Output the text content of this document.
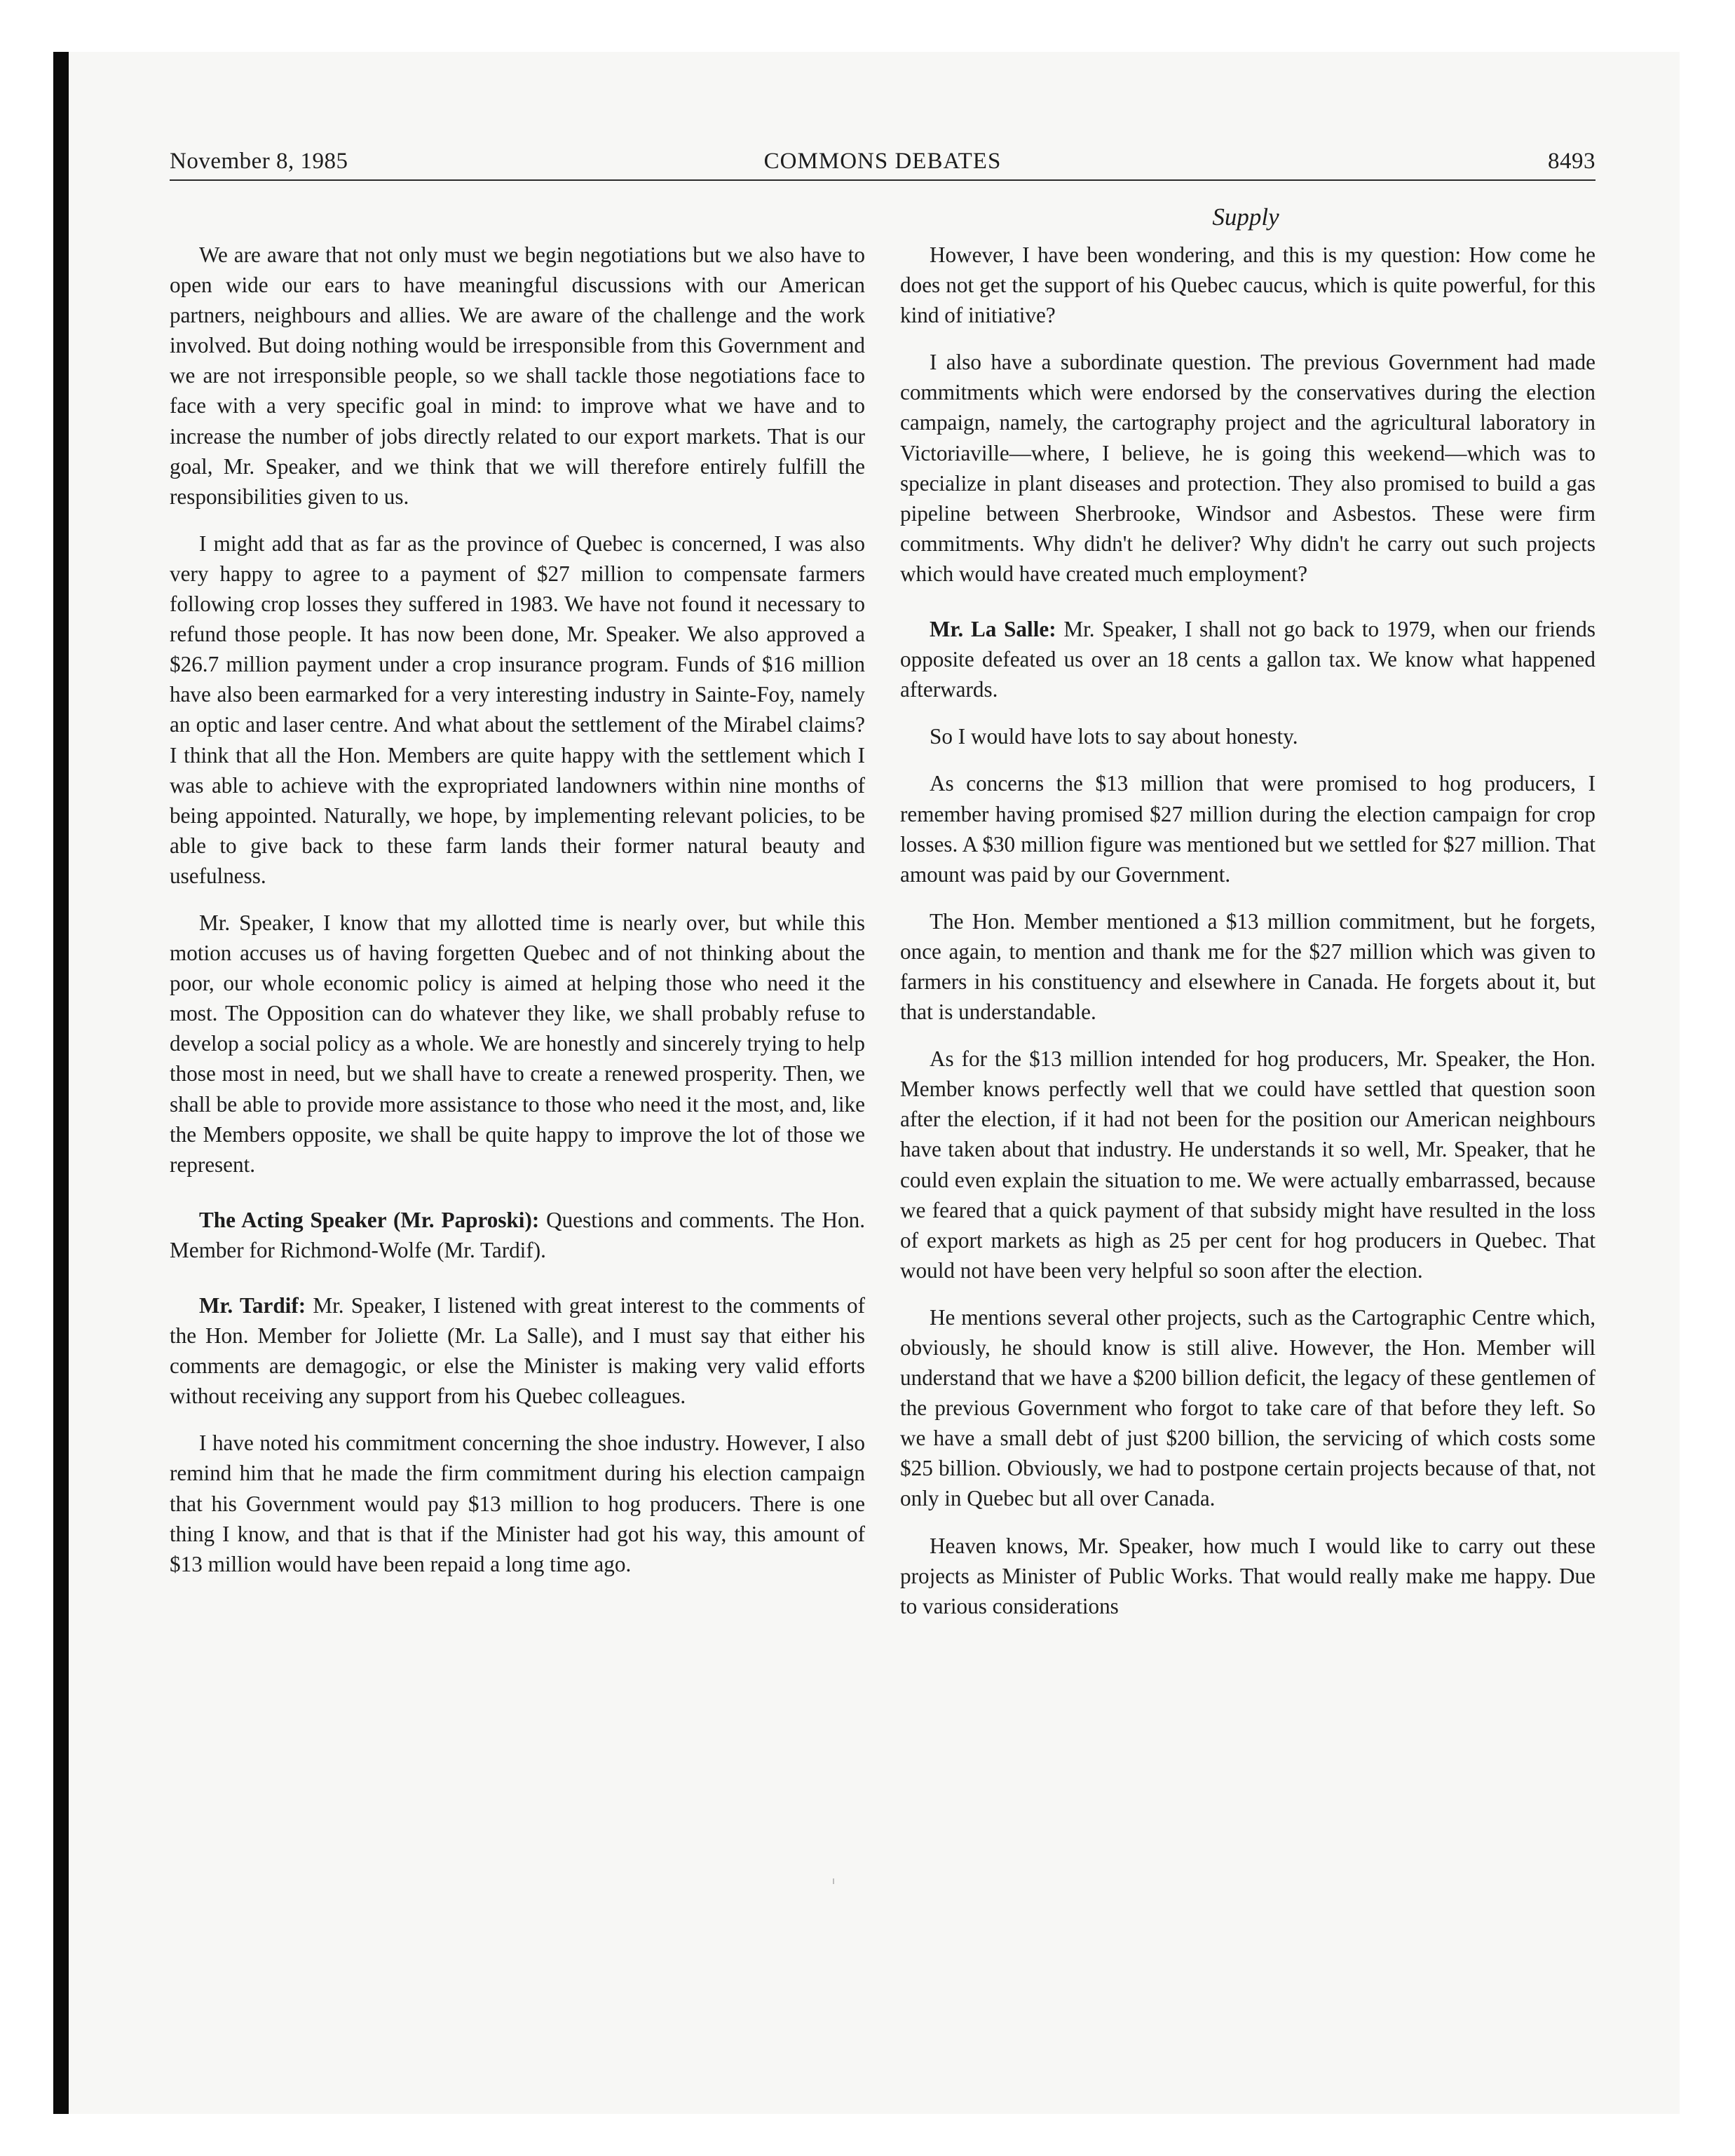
November 8, 1985	COMMONS DEBATES	8493
Supply

We are aware that not only must we begin negotiations but we also have to open wide our ears to have meaningful discussions with our American partners, neighbours and allies. We are aware of the challenge and the work involved. But doing nothing would be irresponsible from this Government and we are not irresponsible people, so we shall tackle those negotiations face to face with a very specific goal in mind: to improve what we have and to increase the number of jobs directly related to our export markets. That is our goal, Mr. Speaker, and we think that we will therefore entirely fulfill the responsibilities given to us.

I might add that as far as the province of Quebec is concerned, I was also very happy to agree to a payment of $27 million to compensate farmers following crop losses they suffered in 1983. We have not found it necessary to refund those people. It has now been done, Mr. Speaker. We also approved a $26.7 million payment under a crop insurance program. Funds of $16 million have also been earmarked for a very interesting industry in Sainte-Foy, namely an optic and laser centre. And what about the settlement of the Mirabel claims? I think that all the Hon. Members are quite happy with the settlement which I was able to achieve with the expropriated landowners within nine months of being appointed. Naturally, we hope, by implementing relevant policies, to be able to give back to these farm lands their former natural beauty and usefulness.

Mr. Speaker, I know that my allotted time is nearly over, but while this motion accuses us of having forgetten Quebec and of not thinking about the poor, our whole economic policy is aimed at helping those who need it the most. The Opposition can do whatever they like, we shall probably refuse to develop a social policy as a whole. We are honestly and sincerely trying to help those most in need, but we shall have to create a renewed prosperity. Then, we shall be able to provide more assistance to those who need it the most, and, like the Members opposite, we shall be quite happy to improve the lot of those we represent.

The Acting Speaker (Mr. Paproski): Questions and comments. The Hon. Member for Richmond-Wolfe (Mr. Tardif).

Mr. Tardif: Mr. Speaker, I listened with great interest to the comments of the Hon. Member for Joliette (Mr. La Salle), and I must say that either his comments are demagogic, or else the Minister is making very valid efforts without receiving any support from his Quebec colleagues.

I have noted his commitment concerning the shoe industry. However, I also remind him that he made the firm commitment during his election campaign that his Government would pay $13 million to hog producers. There is one thing I know, and that is that if the Minister had got his way, this amount of $13 million would have been repaid a long time ago.

However, I have been wondering, and this is my question: How come he does not get the support of his Quebec caucus, which is quite powerful, for this kind of initiative?

I also have a subordinate question. The previous Government had made commitments which were endorsed by the conservatives during the election campaign, namely, the cartography project and the agricultural laboratory in Victoriaville—where, I believe, he is going this weekend—which was to specialize in plant diseases and protection. They also promised to build a gas pipeline between Sherbrooke, Windsor and Asbestos. These were firm commitments. Why didn't he deliver? Why didn't he carry out such projects which would have created much employment?

Mr. La Salle: Mr. Speaker, I shall not go back to 1979, when our friends opposite defeated us over an 18 cents a gallon tax. We know what happened afterwards.

So I would have lots to say about honesty.

As concerns the $13 million that were promised to hog producers, I remember having promised $27 million during the election campaign for crop losses. A $30 million figure was mentioned but we settled for $27 million. That amount was paid by our Government.

The Hon. Member mentioned a $13 million commitment, but he forgets, once again, to mention and thank me for the $27 million which was given to farmers in his constituency and elsewhere in Canada. He forgets about it, but that is understandable.

As for the $13 million intended for hog producers, Mr. Speaker, the Hon. Member knows perfectly well that we could have settled that question soon after the election, if it had not been for the position our American neighbours have taken about that industry. He understands it so well, Mr. Speaker, that he could even explain the situation to me. We were actually embarrassed, because we feared that a quick payment of that subsidy might have resulted in the loss of export markets as high as 25 per cent for hog producers in Quebec. That would not have been very helpful so soon after the election.

He mentions several other projects, such as the Cartographic Centre which, obviously, he should know is still alive. However, the Hon. Member will understand that we have a $200 billion deficit, the legacy of these gentlemen of the previous Government who forgot to take care of that before they left. So we have a small debt of just $200 billion, the servicing of which costs some $25 billion. Obviously, we had to postpone certain projects because of that, not only in Quebec but all over Canada.

Heaven knows, Mr. Speaker, how much I would like to carry out these projects as Minister of Public Works. That would really make me happy. Due to various considerations
